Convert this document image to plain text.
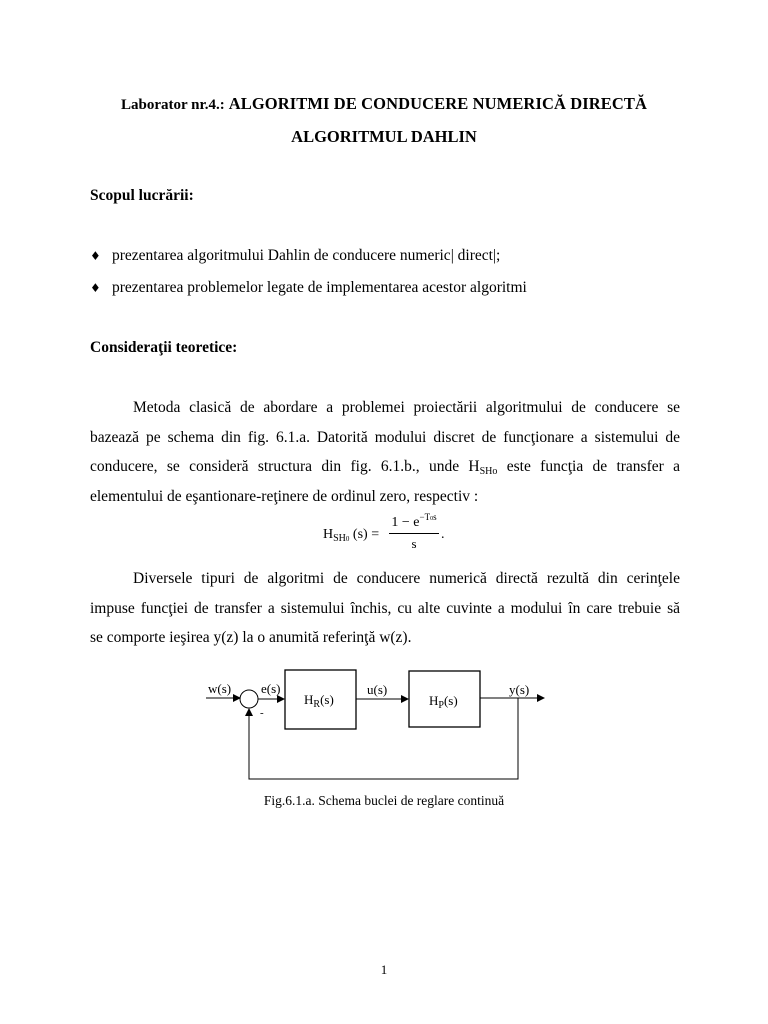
Laborator nr.4.: ALGORITMI DE CONDUCERE NUMERICĂ DIRECTĂ
ALGORITMUL DAHLIN
Scopul lucrării:
♦ prezentarea algoritmului Dahlin de conducere numeric| direct|;
♦ prezentarea problemelor legate de implementarea acestor algoritmi
Consideraţii teoretice:
Metoda clasică de abordare a problemei proiectării algoritmului de conducere se
bazează pe schema din fig. 6.1.a. Datorită modului discret de funcţionare a sistemului de
conducere, se consideră structura din fig. 6.1.b., unde $H_{SHo}$ este funcţia de transfer a
elementului de eşantionare-reţinere de ordinul zero, respectiv :
$H_{SH0}$ (s) =
$1 - e^{-T0s}$
s
.
Diversele tipuri de algoritmi de conducere numerică directă rezultă din cerinţele
impuse funcţiei de transfer a sistemului închis, cu alte cuvinte a modului în care trebuie să
se comporte ieşirea y(z) la o anumită referinţă w(z).
w(s) e(s)
-
$H_R(s)$
u(s)
$H_P(s)$
y(s)
Fig.6.1.a. Schema buclei de reglare continuă
1
